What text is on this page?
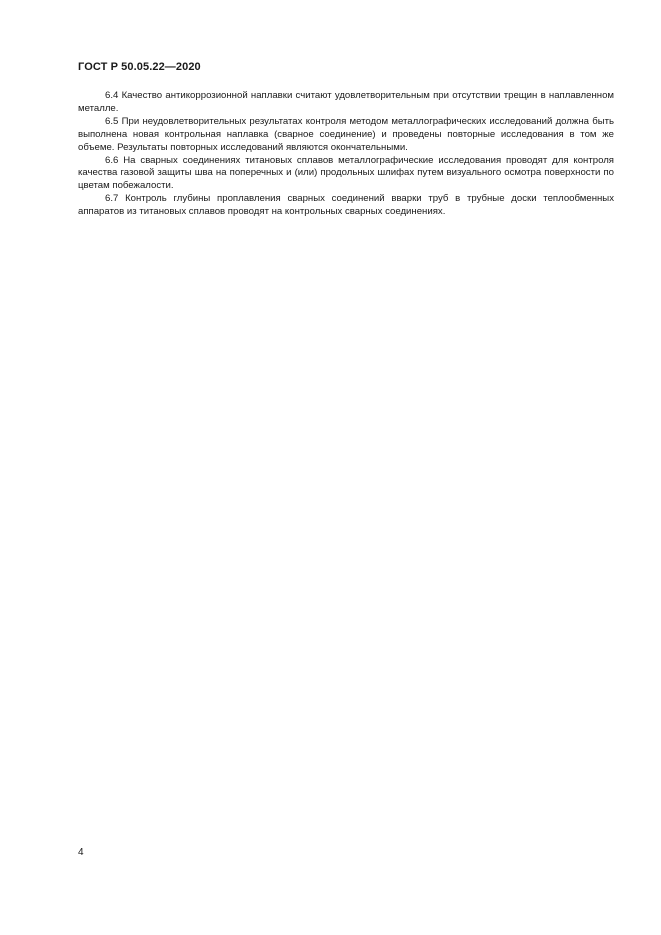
ГОСТ Р 50.05.22—2020

6.4 Качество антикоррозионной наплавки считают удовлетворительным при отсутствии трещин в наплавленном металле.

6.5 При неудовлетворительных результатах контроля методом металлографических исследований должна быть выполнена новая контрольная наплавка (сварное соединение) и проведены повторные исследования в том же объеме. Результаты повторных исследований являются окончательными.

6.6 На сварных соединениях титановых сплавов металлографические исследования проводят для контроля качества газовой защиты шва на поперечных и (или) продольных шлифах путем визуального осмотра поверхности по цветам побежалости.

6.7 Контроль глубины проплавления сварных соединений вварки труб в трубные доски теплообменных аппаратов из титановых сплавов проводят на контрольных сварных соединениях.

4
